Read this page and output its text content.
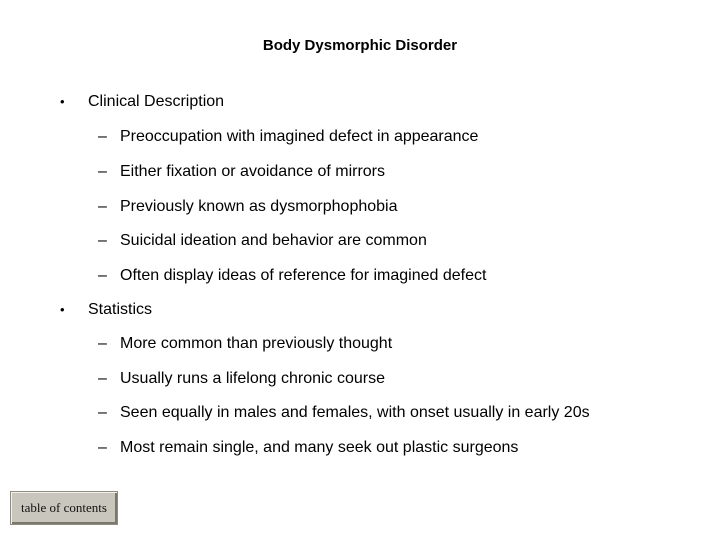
Body Dysmorphic Disorder
•	Clinical Description
– Preoccupation with imagined defect in appearance
– Either fixation or avoidance of mirrors
– Previously known as dysmorphophobia
– Suicidal ideation and behavior are common
– Often display ideas of reference for imagined defect
•	Statistics
– More common than previously thought
– Usually runs a lifelong chronic course
– Seen equally in males and females, with onset usually in early 20s
– Most remain single, and many seek out plastic surgeons
table of contents
